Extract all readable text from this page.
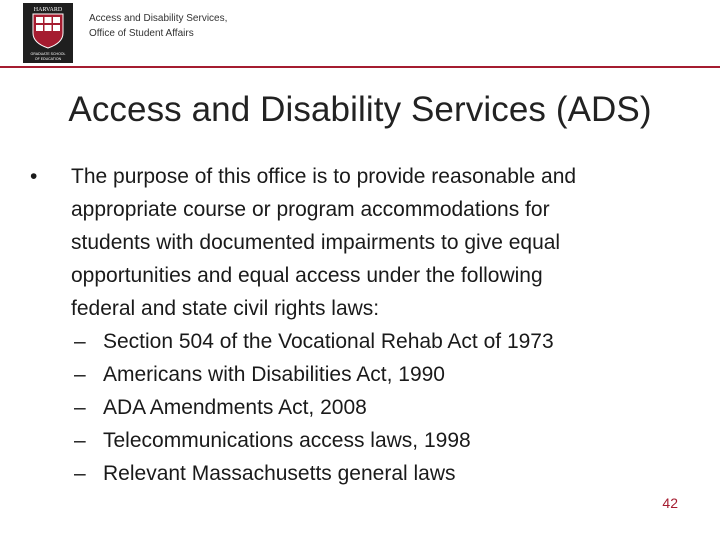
HARVARD
GRADUATE SCHOOL
OF EDUCATION
Access and Disability Services,
Office of Student Affairs
Access and Disability Services (ADS)
• The purpose of this office is to provide reasonable and
appropriate course or program accommodations for
students with documented impairments to give equal
opportunities and equal access under the following
federal and state civil rights laws:
– Section 504 of the Vocational Rehab Act of 1973
– Americans with Disabilities Act, 1990
– ADA Amendments Act, 2008
– Telecommunications access laws, 1998
– Relevant Massachusetts general laws
42
